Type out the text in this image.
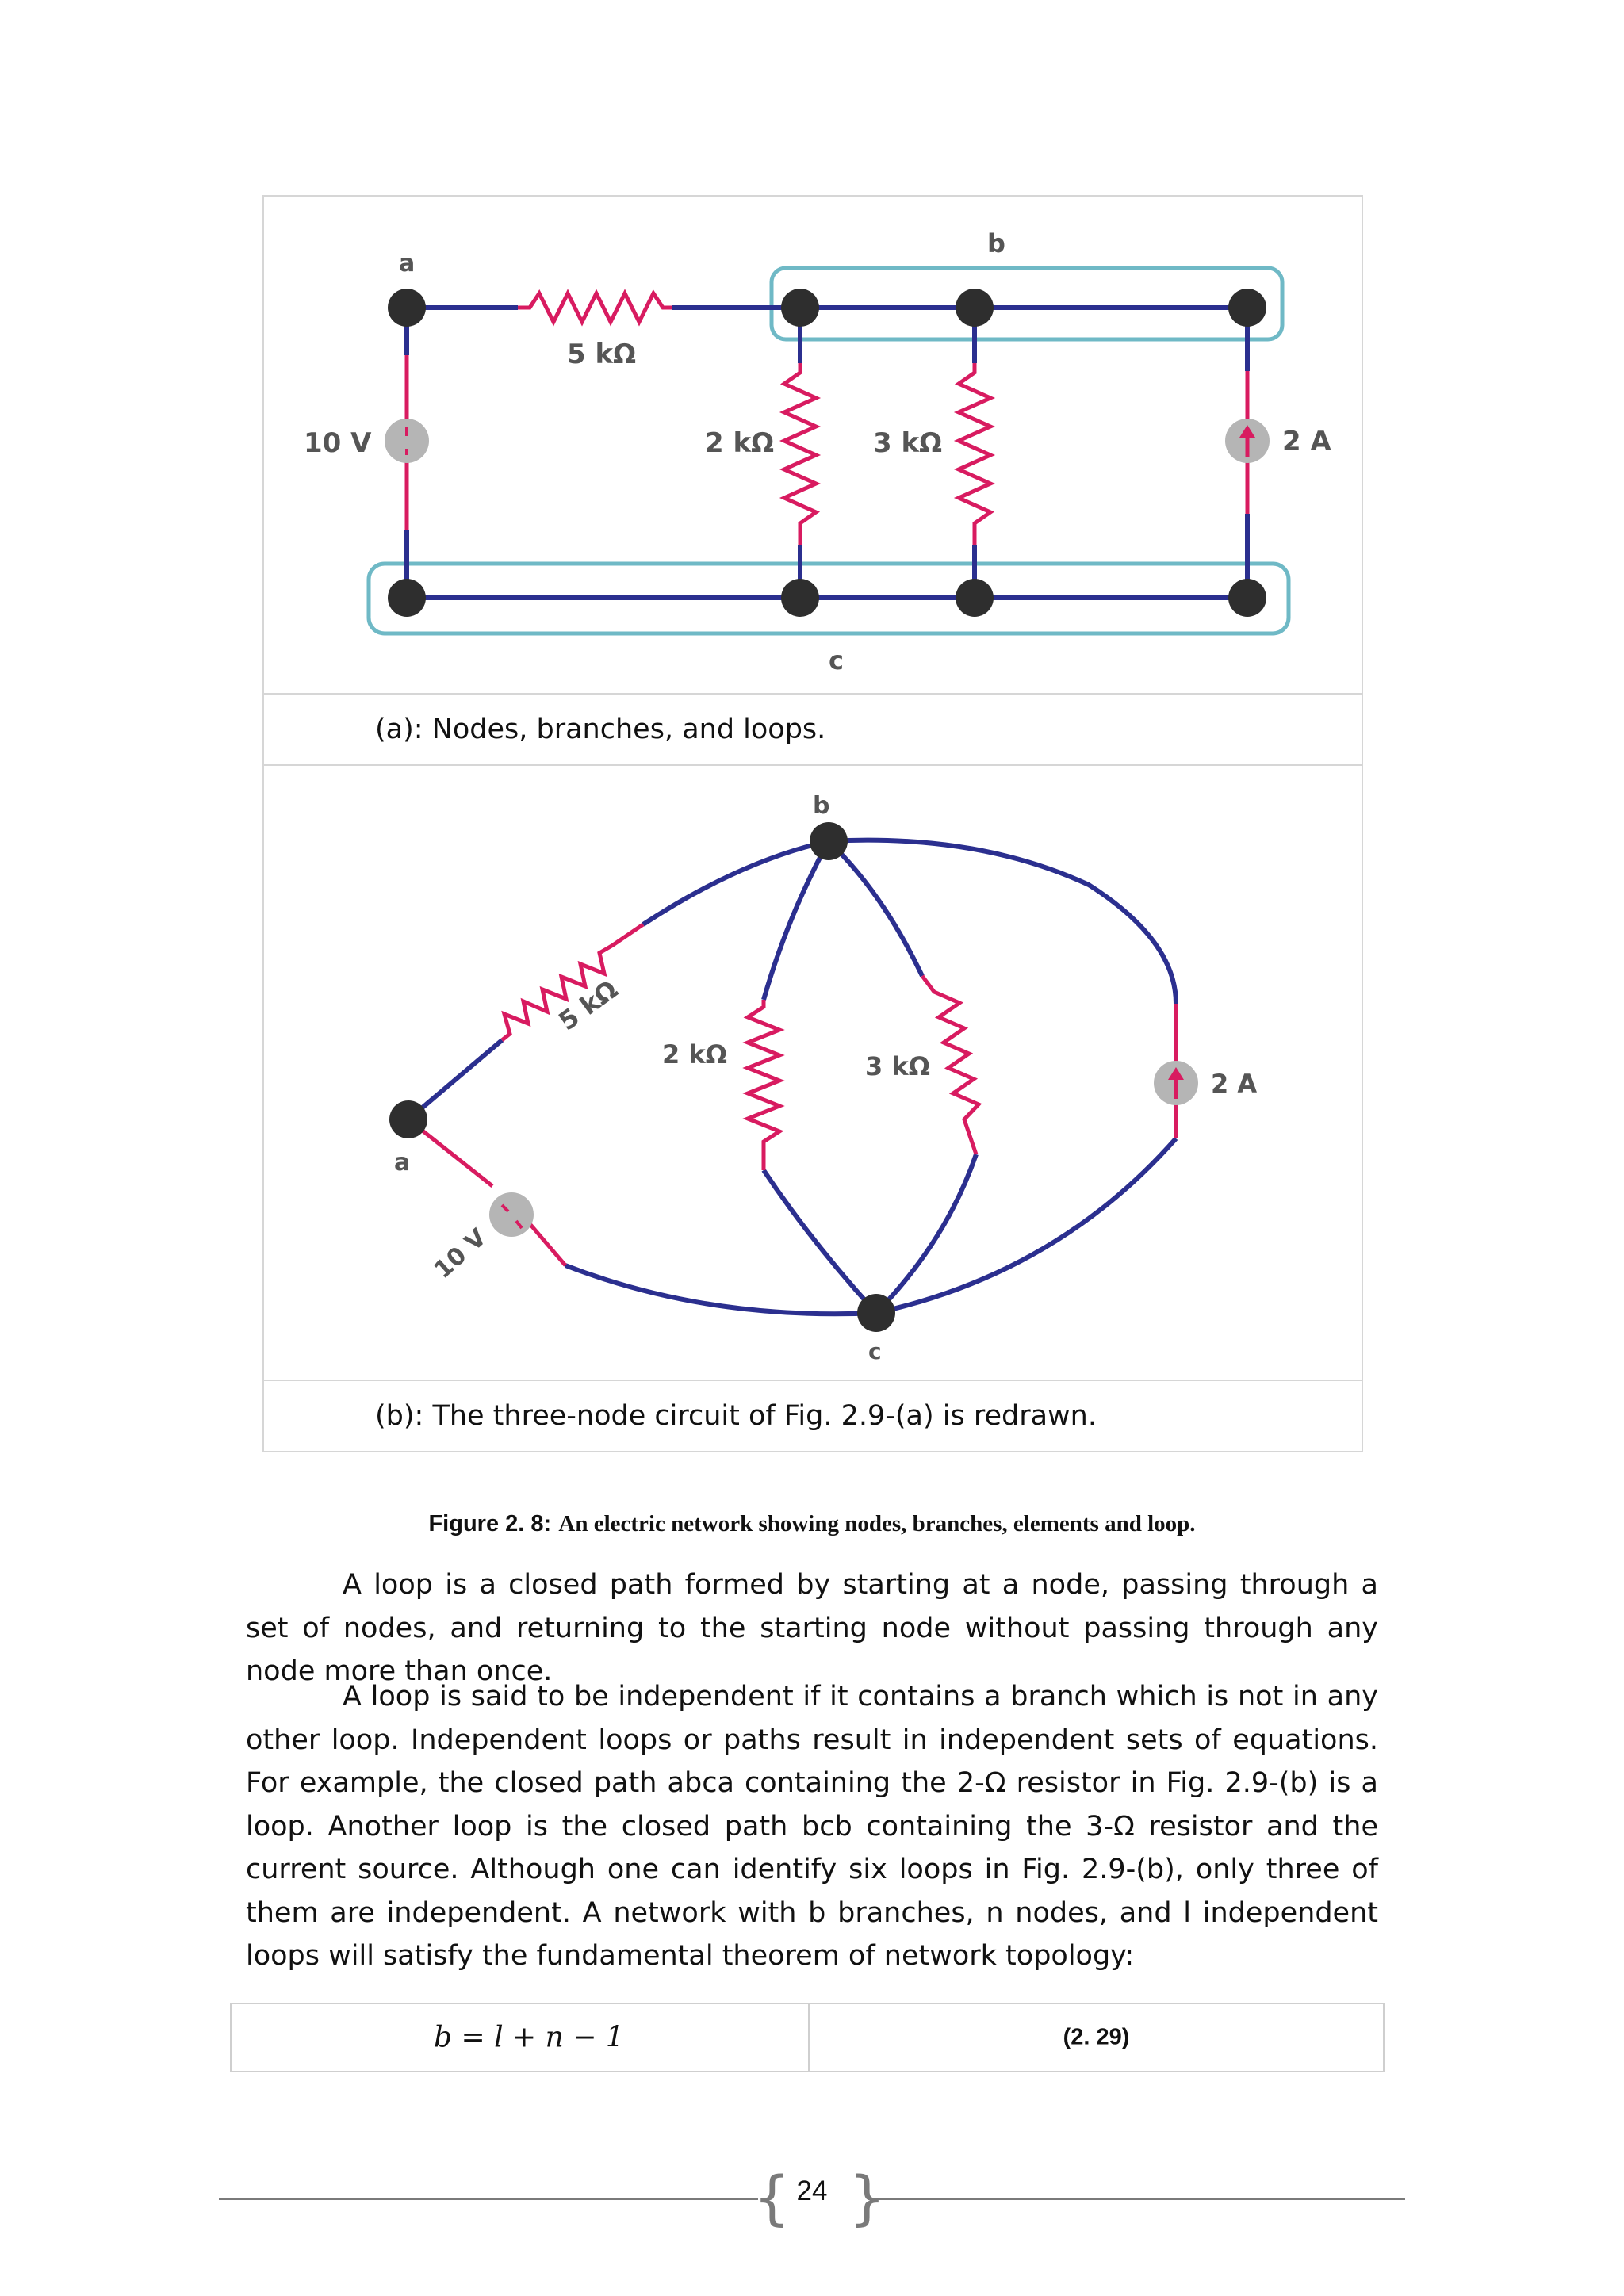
a
b
c
5 kΩ
2 kΩ	3 kΩ
10 V	2 A
(a): Nodes, branches, and loops.
a
b
c
5 kΩ
2 kΩ	3 kΩ
10 V
2 A
(b): The three-node circuit of Fig. 2.9-(a) is redrawn.
Figure 2. 8: An electric network showing nodes, branches, elements and loop.

A loop is a closed path formed by starting at a node, passing through a set of nodes, and returning to the starting node without passing through any node more than once.

A loop is said to be independent if it contains a branch which is not in any other loop. Independent loops or paths result in independent sets of equations. For example, the closed path abca containing the 2-Ω resistor in Fig. 2.9-(b) is a loop. Another loop is the closed path bcb containing the 3-Ω resistor and the current source. Although one can identify six loops in Fig. 2.9-(b), only three of them are independent. A network with b branches, n nodes, and l independent loops will satisfy the fundamental theorem of network topology:

b = l + n − 1	(2. 29)
{ }
24
